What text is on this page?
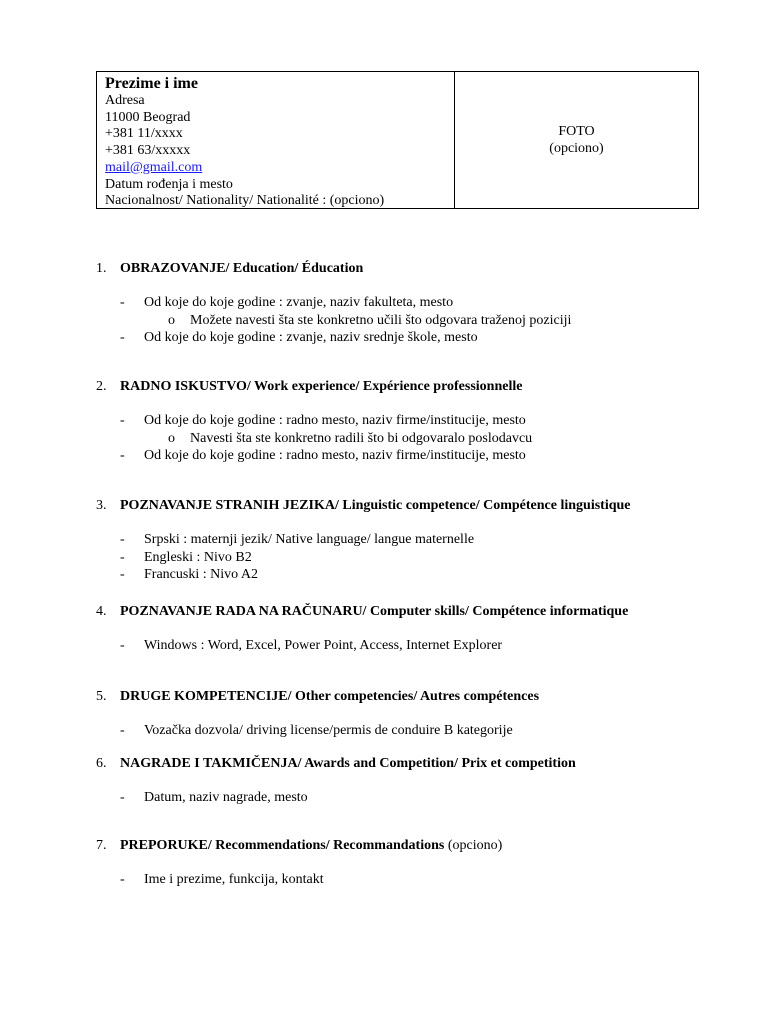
Prezime i ime
Adresa
11000 Beograd
+381 11/xxxx
+381 63/xxxxx
mail@gmail.com
Datum rođenja i mesto
Nacionalnost/ Nationality/ Nationalité : (opciono)
FOTO
(opciono)
1. OBRAZOVANJE/ Education/ Éducation
- Od koje do koje godine : zvanje, naziv fakulteta, mesto
o Možete navesti šta ste konkretno učili što odgovara traženoj poziciji
- Od koje do koje godine : zvanje, naziv srednje škole, mesto
2. RADNO ISKUSTVO/ Work experience/ Expérience professionnelle
- Od koje do koje godine : radno mesto, naziv firme/institucije, mesto
o Navesti šta ste konkretno radili što bi odgovaralo poslodavcu
- Od koje do koje godine : radno mesto, naziv firme/institucije, mesto
3. POZNAVANJE STRANIH JEZIKA/ Linguistic competence/ Compétence linguistique
- Srpski : maternji jezik/ Native language/ langue maternelle
- Engleski : Nivo B2
- Francuski : Nivo A2
4. POZNAVANJE RADA NA RAČUNARU/ Computer skills/ Compétence informatique
- Windows : Word, Excel, Power Point, Access, Internet Explorer
5. DRUGE KOMPETENCIJE/ Other competencies/ Autres compétences
- Vozačka dozvola/ driving license/permis de conduire B kategorije
6. NAGRADE I TAKMIČENJA/ Awards and Competition/ Prix et competition
- Datum, naziv nagrade, mesto
7. PREPORUKE/ Recommendations/ Recommandations (opciono)
- Ime i prezime, funkcija, kontakt
